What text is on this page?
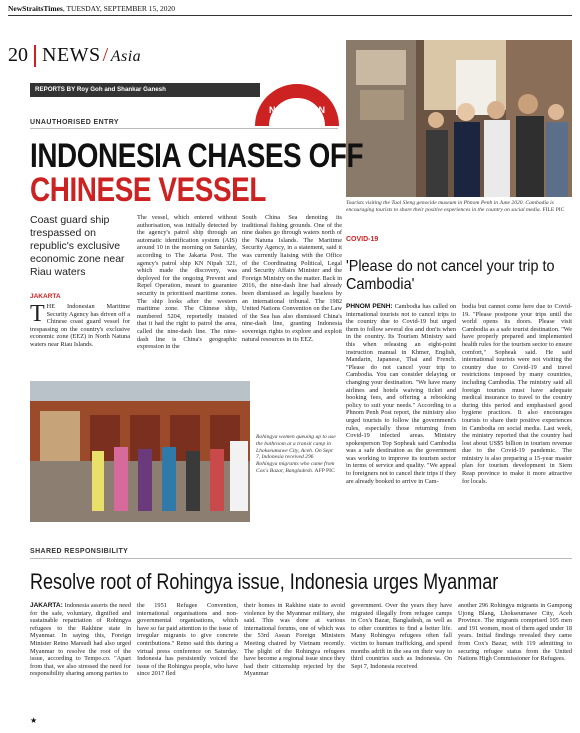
NewStraitsTimes, TUESDAY, SEPTEMBER 15, 2020
20 NEWS / Asia
REPORTS BY Roy Goh and Shankar Ganesh
NST REGION
UNAUTHORISED ENTRY
INDONESIA CHASES OFF
CHINESE VESSEL
Coast guard ship trespassed on republic's exclusive economic zone near Riau waters
JAKARTA
THE Indonesian Maritime Security Agency has driven off a Chinese coast guard vessel for trespassing on the country's exclusive economic zone (EEZ) in North Natuna waters near Riau Islands.
The vessel, which entered without authorisation, was initially detected by the agency's patrol ship through an automatic identification system (AIS) around 10 in the morning on Saturday, according to The Jakarta Post. The agency's patrol ship KN Nipah 321, which made the discovery, was deployed for the ongoing Prevent and Repel Operation, meant to guarantee security in prioritised maritime zones. The ship looks after the western maritime zone. The Chinese ship, numbered 5204, reportedly insisted that it had the right to patrol the area, called the nine-dash line. The nine-dash line is China's geographic expression in the
South China Sea denoting its traditional fishing grounds. One of the nine dashes go through waters north of the Natuna Islands. The Maritime Security Agency, in a statement, said it was currently liaising with the Office of the Coordinating Political, Legal and Security Affairs Minister and the Foreign Ministry on the matter. Back in 2016, the nine-dash line had already been dismissed as legally baseless by an international tribunal. The 1982 United Nations Convention on the Law of the Sea has also dismissed China's nine-dash line, granting Indonesia sovereign rights to explore and exploit natural resources in its EEZ.
Tourists visiting the Tuol Sleng genocide museum in Phnom Penh in June 2020. Cambodia is encouraging tourists to share their positive experiences in the country on social media. FILE PIC
COVID-19
'Please do not cancel your trip to Cambodia'
PHNOM PENH: Cambodia has called on international tourists not to cancel trips to the country due to Covid-19 but urged them to follow several dos and don'ts when in the country. Its Tourism Ministry said this when releasing an eight-point instruction manual in Khmer, English, Mandarin, Japanese, Thai and French. "Please do not cancel your trip to Cambodia. You can consider delaying or changing your destination. "We have many airlines and hotels waiving ticket and booking fees, and offering a rebooking policy to suit your needs." According to a Phnom Penh Post report, the ministry also urged tourists to follow the government's rules, especially those returning from Covid-19 infected areas. Ministry spokesperson Top Sopheak said Cambodia was a safe destination as the government was working to improve its tourism sector in terms of service and quality. "We appeal to foreigners not to cancel their trips if they are already booked to arrive in Cam-
bodia but cannot come here due to Covid-19. "Please postpone your trips until the world opens its doors. Please visit Cambodia as a safe tourist destination. "We have properly prepared and implemented health rules for the tourism sector to ensure comfort," Sopheak said. He said international tourists were not visiting the country due to Covid-19 and travel restrictions imposed by many countries, including Cambodia. The ministry said all foreign tourists must have adequate medical insurance to travel to the country during this period and emphasised good hygiene practices. It also encourages tourists to share their positive experiences in Cambodia on social media. Last week, the ministry reported that the country had lost about US$5 billion in tourism revenue due to the Covid-19 pandemic. The ministry is also preparing a 15-year master plan for tourism development in Siem Reap province to make it more attractive for locals.
Rohingya women queuing up to use the bathroom at a transit camp in Lhokseumawe City, Aceh. On Sept 7, Indonesia received 296 Rohingya migrants who came from Cox's Bazar, Bangladesh. AFP PIC
SHARED RESPONSIBILITY
Resolve root of Rohingya issue, Indonesia urges Myanmar
JAKARTA: Indonesia asserts the need for the safe, voluntary, dignified and sustainable repatriation of Rohingya refugees to the Rakhine state in Myanmar. In saying this, Foreign Minister Retno Marsudi had also urged Myanmar to resolve the root of the issue, according to Tempo.co. "Apart from that, we also stressed the need for responsibility sharing among parties to
the 1951 Refugee Convention, international organisations and non-governmental organisations, which have so far paid attention to the issue of irregular migrants to give concrete contributions." Retno said this during a virtual press conference on Saturday. Indonesia has persistently voiced the issue of the Rohingya people, who have since 2017 fled
their homes in Rakhine state to avoid violence by the Myanmar military, she said. This was done at various international forums, one of which was the 53rd Asean Foreign Ministers Meeting chaired by Vietnam recently. The plight of the Rohingya refugees have become a regional issue since they had their citizenship rejected by the Myanmar
government. Over the years they have migrated illegally from refugee camps in Cox's Bazar, Bangladesh, as well as to other countries to find a better life. Many Rohingya refugees often fall victim to human trafficking, and spend months adrift in the sea on their way to third countries such as Indonesia. On Sept 7, Indonesia received
another 296 Rohingya migrants in Gampong Ujong Blang, Lhokseumawe City, Aceh Province. The migrants comprised 105 men and 191 women, most of them aged under 18 years. Initial findings revealed they came from Cox's Bazar, with 119 admitting to securing refugee status from the United Nations High Commissioner for Refugees.
★
